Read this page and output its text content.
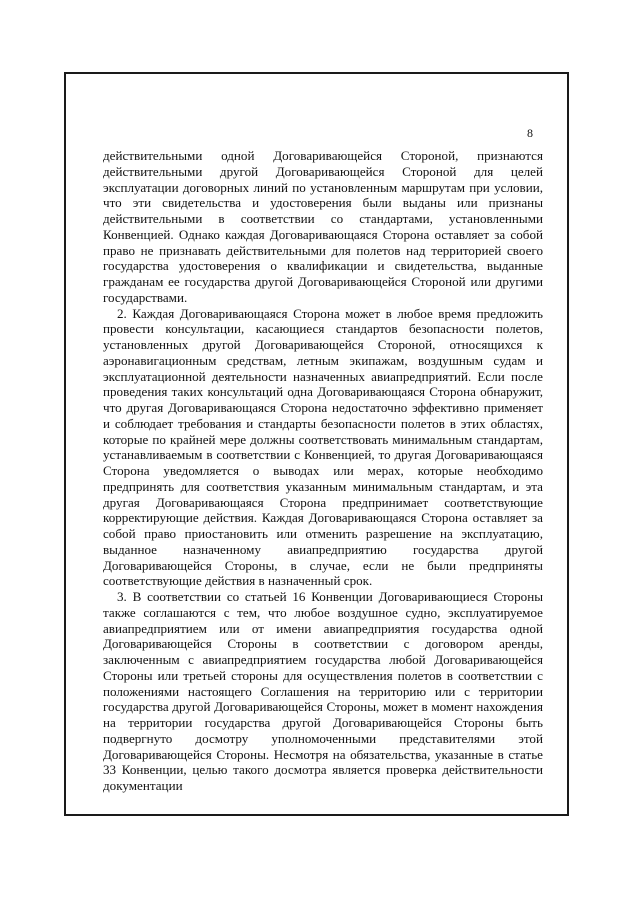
8

действительными одной Договаривающейся Стороной, признаются действительными другой Договаривающейся Стороной для целей эксплуатации договорных линий по установленным маршрутам при условии, что эти свидетельства и удостоверения были выданы или признаны действительными в соответствии со стандартами, установленными Конвенцией. Однако каждая Договаривающаяся Сторона оставляет за собой право не признавать действительными для полетов над территорией своего государства удостоверения о квалификации и свидетельства, выданные гражданам ее государства другой Договаривающейся Стороной или другими государствами.

2. Каждая Договаривающаяся Сторона может в любое время предложить провести консультации, касающиеся стандартов безопасности полетов, установленных другой Договаривающейся Стороной, относящихся к аэронавигационным средствам, летным экипажам, воздушным судам и эксплуатационной деятельности назначенных авиапредприятий. Если после проведения таких консультаций одна Договаривающаяся Сторона обнаружит, что другая Договаривающаяся Сторона недостаточно эффективно применяет и соблюдает требования и стандарты безопасности полетов в этих областях, которые по крайней мере должны соответствовать минимальным стандартам, устанавливаемым в соответствии с Конвенцией, то другая Договаривающаяся Сторона уведомляется о выводах или мерах, которые необходимо предпринять для соответствия указанным минимальным стандартам, и эта другая Договаривающаяся Сторона предпринимает соответствующие корректирующие действия. Каждая Договаривающаяся Сторона оставляет за собой право приостановить или отменить разрешение на эксплуатацию, выданное назначенному авиапредприятию государства другой Договаривающейся Стороны, в случае, если не были предприняты соответствующие действия в назначенный срок.

3. В соответствии со статьей 16 Конвенции Договаривающиеся Стороны также соглашаются с тем, что любое воздушное судно, эксплуатируемое авиапредприятием или от имени авиапредприятия государства одной Договаривающейся Стороны в соответствии с договором аренды, заключенным с авиапредприятием государства любой Договаривающейся Стороны или третьей стороны для осуществления полетов в соответствии с положениями настоящего Соглашения на территорию или с территории государства другой Договаривающейся Стороны, может в момент нахождения на территории государства другой Договаривающейся Стороны быть подвергнуто досмотру уполномоченными представителями этой Договаривающейся Стороны. Несмотря на обязательства, указанные в статье 33 Конвенции, целью такого досмотра является проверка действительности документации
